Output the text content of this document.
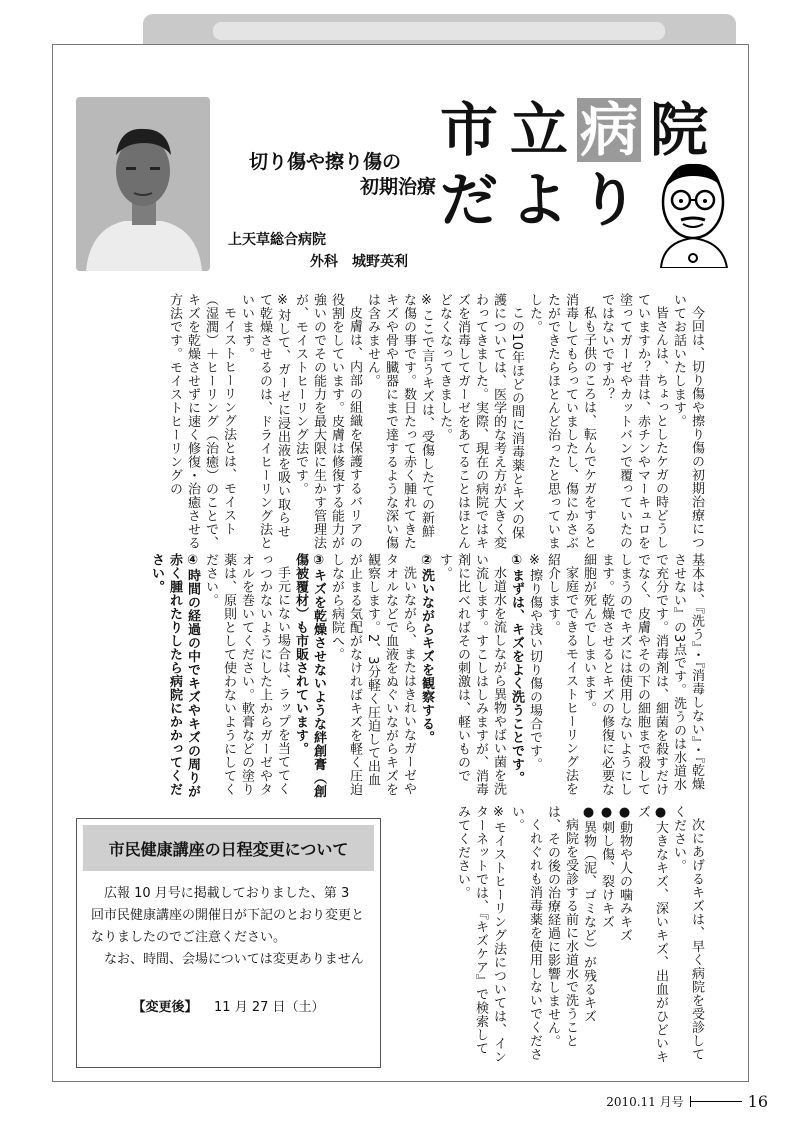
切り傷や擦り傷の
初期治療
上天草総合病院
外科　城野英利
市 立 病 院
だ よ り

今回は、切り傷や擦り傷の初期治療についてお話いたします。

皆さんは、ちょっとしたケガの時どうしていますか？昔は、赤チンやマーキュロを塗ってガーゼやカットバンで覆っていたのではないですか？

私も子供のころは、転んでケガをすると消毒してもらっていましたし、傷にかさぶたができたらほとんど治ったと思っていました。

この10年ほどの間に消毒薬とキズの保護については、医学的な考え方が大きく変わってきました。実際、現在の病院ではキズを消毒してガーゼをあてることはほとんどなくなってきました。

※ここで言うキズは、受傷したての新鮮な傷の事です。数日たって赤く腫れてきたキズや骨や臓器にまで達するような深い傷は含みません。

皮膚は、内部の組織を保護するバリアの役割をしています。皮膚は修復する能力が強いのでその能力を最大限に生かす管理法が、モイストヒーリング法です。

※対して、ガーゼに浸出液を吸い取らせて乾燥させるのは、ドライヒーリング法といいます。

モイストヒーリング法とは、モイスト（湿潤）＋ヒーリング（治癒）のことで、キズを乾燥させずに速く修復・治癒させる方法です。モイストヒーリングの

基本は、『洗う』・『消毒しない』・『乾燥させない』の3点です。洗うのは水道水で充分です。消毒剤は、細菌を殺すだけでなく、皮膚やその下の細胞まで殺してしまうのでキズには使用しないようにします。乾燥させるとキズの修復に必要な細胞が死んでしまいます。

家庭でできるモイストヒーリング法を紹介します。

※擦り傷や浅い切り傷の場合です。

①まずは、キズをよく洗うことです。

水道水を流しながら異物やばい菌を洗い流します。すこしはしみますが、消毒剤に比べればその刺激は、軽いものです。

②洗いながらキズを観察する。

洗いながら、またはきれいなガーゼやタオルなどで血液をぬぐいながらキズを観察します。2、3分軽く圧迫して出血が止まる気配がなければキズを軽く圧迫しながら病院へ。

③キズを乾燥させないような絆創膏（創傷被覆材）も市販されています。

手元にない場合は、ラップを当ててくっつかないようにした上からガーゼやタオルを巻いてください。軟膏などの塗り薬は、原則として使わないようにしてください。

④時間の経過の中でキズやキズの周りが赤く腫れたりしたら病院にかかってください。

次にあげるキズは、早く病院を受診してください。

●大きなキズ、深いキズ、出血がひどいキズ

●動物や人の噛みキズ

●刺し傷、裂けキズ

●異物（泥、ゴミなど）が残るキズ

病院を受診する前に水道水で洗うことは、その後の治療経過に影響しません。

くれぐれも消毒薬を使用しないでください。

※モイストヒーリング法については、インターネットでは、『キズケア』で検索してみてください。

市民健康講座の日程変更について

広報 10 月号に掲載しておりました、第 3 回市民健康講座の開催日が下記のとおり変更となりましたのでご注意ください。

なお、時間、会場については変更ありません

【変更後】 11 月 27 日（土）
2010.11 月号	16
